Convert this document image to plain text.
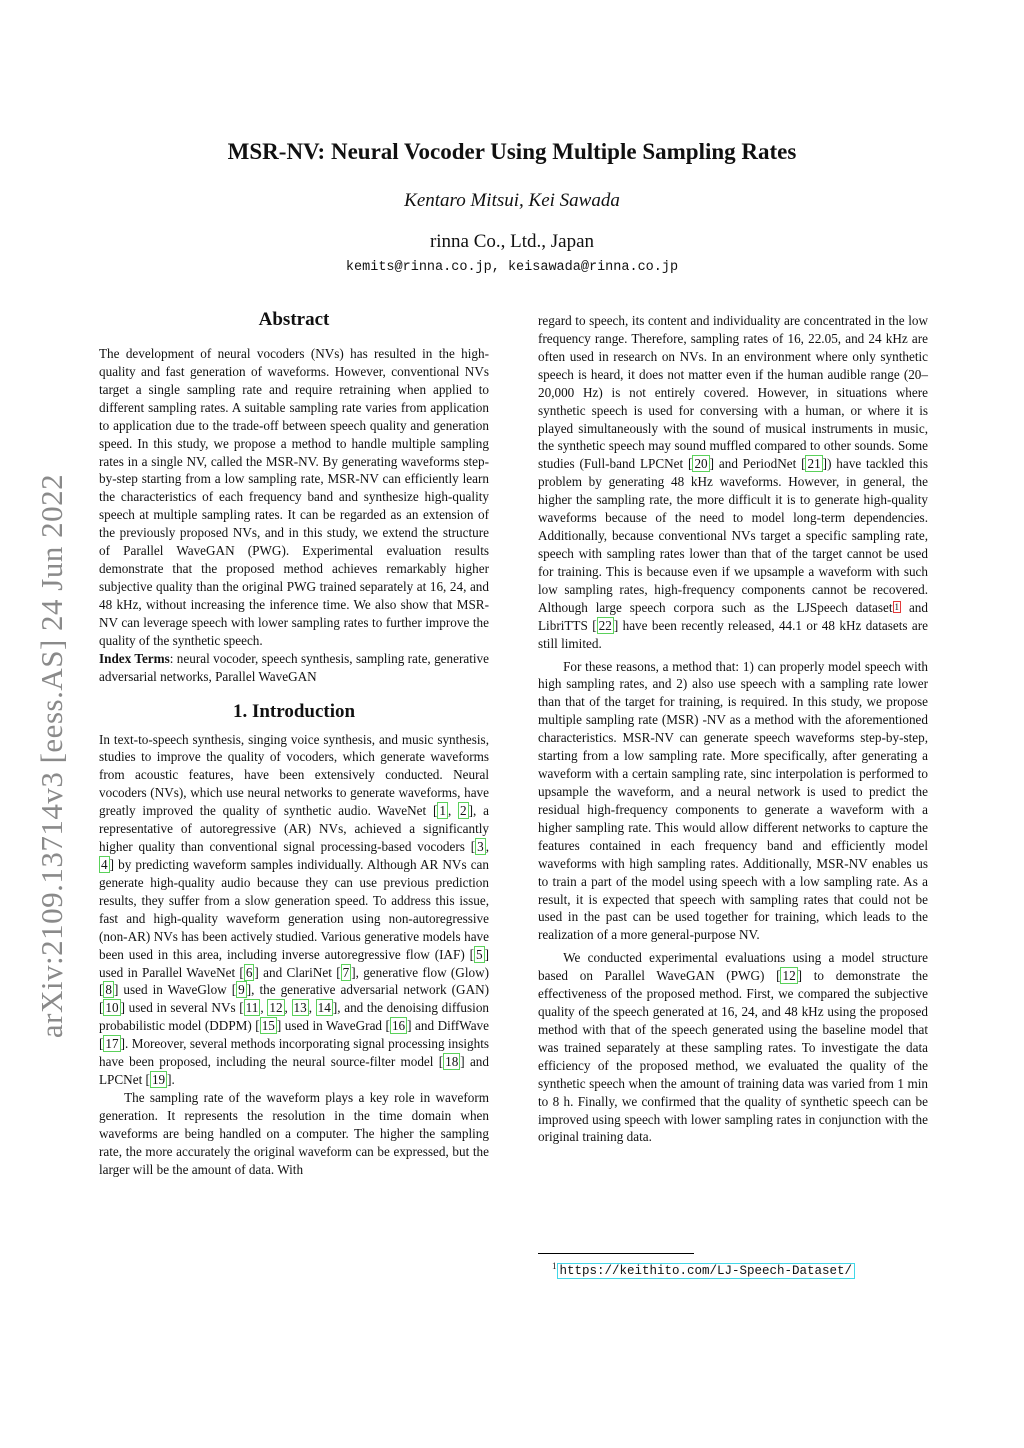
arXiv:2109.13714v3 [eess.AS] 24 Jun 2022
MSR-NV: Neural Vocoder Using Multiple Sampling Rates
Kentaro Mitsui, Kei Sawada
rinna Co., Ltd., Japan
kemits@rinna.co.jp, keisawada@rinna.co.jp
Abstract

The development of neural vocoders (NVs) has resulted in the high-quality and fast generation of waveforms. However, conventional NVs target a single sampling rate and require retraining when applied to different sampling rates. A suitable sampling rate varies from application to application due to the trade-off between speech quality and generation speed. In this study, we propose a method to handle multiple sampling rates in a single NV, called the MSR-NV. By generating waveforms step-by-step starting from a low sampling rate, MSR-NV can efficiently learn the characteristics of each frequency band and synthesize high-quality speech at multiple sampling rates. It can be regarded as an extension of the previously proposed NVs, and in this study, we extend the structure of Parallel WaveGAN (PWG). Experimental evaluation results demonstrate that the proposed method achieves remarkably higher subjective quality than the original PWG trained separately at 16, 24, and 48 kHz, without increasing the inference time. We also show that MSR-NV can leverage speech with lower sampling rates to further improve the quality of the synthetic speech.

Index Terms: neural vocoder, speech synthesis, sampling rate, generative adversarial networks, Parallel WaveGAN

1. Introduction

In text-to-speech synthesis, singing voice synthesis, and music synthesis, studies to improve the quality of vocoders, which generate waveforms from acoustic features, have been extensively conducted. Neural vocoders (NVs), which use neural networks to generate waveforms, have greatly improved the quality of synthetic audio. WaveNet [ 1 , 2 ], a representative of autoregressive (AR) NVs, achieved a significantly higher quality than conventional signal processing-based vocoders [ 3 , 4 ] by predicting waveform samples individually. Although AR NVs can generate high-quality audio because they can use previous prediction results, they suffer from a slow generation speed. To address this issue, fast and high-quality waveform generation using non-autoregressive (non-AR) NVs has been actively studied. Various generative models have been used in this area, including inverse autoregressive flow (IAF) [ 5 ] used in Parallel WaveNet [ 6 ] and ClariNet [ 7 ], generative flow (Glow) [ 8 ] used in WaveGlow [ 9 ], the generative adversarial network (GAN) [ 10 ] used in several NVs [ 11 , 12 , 13 , 14 ], and the denoising diffusion probabilistic model (DDPM) [ 15 ] used in WaveGrad [ 16 ] and DiffWave [ 17 ]. Moreover, several methods incorporating signal processing insights have been proposed, including the neural source-filter model [ 18 ] and LPCNet [ 19 ].

The sampling rate of the waveform plays a key role in waveform generation. It represents the resolution in the time domain when waveforms are being handled on a computer. The higher the sampling rate, the more accurately the original waveform can be expressed, but the larger will be the amount of data. With

regard to speech, its content and individuality are concentrated in the low frequency range. Therefore, sampling rates of 16, 22.05, and 24 kHz are often used in research on NVs. In an environment where only synthetic speech is heard, it does not matter even if the human audible range (20–20,000 Hz) is not entirely covered. However, in situations where synthetic speech is used for conversing with a human, or where it is played simultaneously with the sound of musical instruments in music, the synthetic speech may sound muffled compared to other sounds. Some studies (Full-band LPCNet [ 20 ] and PeriodNet [ 21 ]) have tackled this problem by generating 48 kHz waveforms. However, in general, the higher the sampling rate, the more difficult it is to generate high-quality waveforms because of the need to model long-term dependencies. Additionally, because conventional NVs target a specific sampling rate, speech with sampling rates lower than that of the target cannot be used for training. This is because even if we upsample a waveform with such low sampling rates, high-frequency components cannot be recovered. Although large speech corpora such as the LJSpeech dataset $^1$ and LibriTTS [ 22 ] have been recently released, 44.1 or 48 kHz datasets are still limited.

For these reasons, a method that: 1) can properly model speech with high sampling rates, and 2) also use speech with a sampling rate lower than that of the target for training, is required. In this study, we propose multiple sampling rate (MSR) -NV as a method with the aforementioned characteristics. MSR-NV can generate speech waveforms step-by-step, starting from a low sampling rate. More specifically, after generating a waveform with a certain sampling rate, sinc interpolation is performed to upsample the waveform, and a neural network is used to predict the residual high-frequency components to generate a waveform with a higher sampling rate. This would allow different networks to capture the features contained in each frequency band and efficiently model waveforms with high sampling rates. Additionally, MSR-NV enables us to train a part of the model using speech with a low sampling rate. As a result, it is expected that speech with sampling rates that could not be used in the past can be used together for training, which leads to the realization of a more general-purpose NV.

We conducted experimental evaluations using a model structure based on Parallel WaveGAN (PWG) [ 12 ] to demonstrate the effectiveness of the proposed method. First, we compared the subjective quality of the speech generated at 16, 24, and 48 kHz using the proposed method with that of the speech generated using the baseline model that was trained separately at these sampling rates. To investigate the data efficiency of the proposed method, we evaluated the quality of the synthetic speech when the amount of training data was varied from 1 min to 8 h. Finally, we confirmed that the quality of synthetic speech can be improved using speech with lower sampling rates in conjunction with the original training data.

$^1$ https://keithito.com/LJ-Speech-Dataset/
